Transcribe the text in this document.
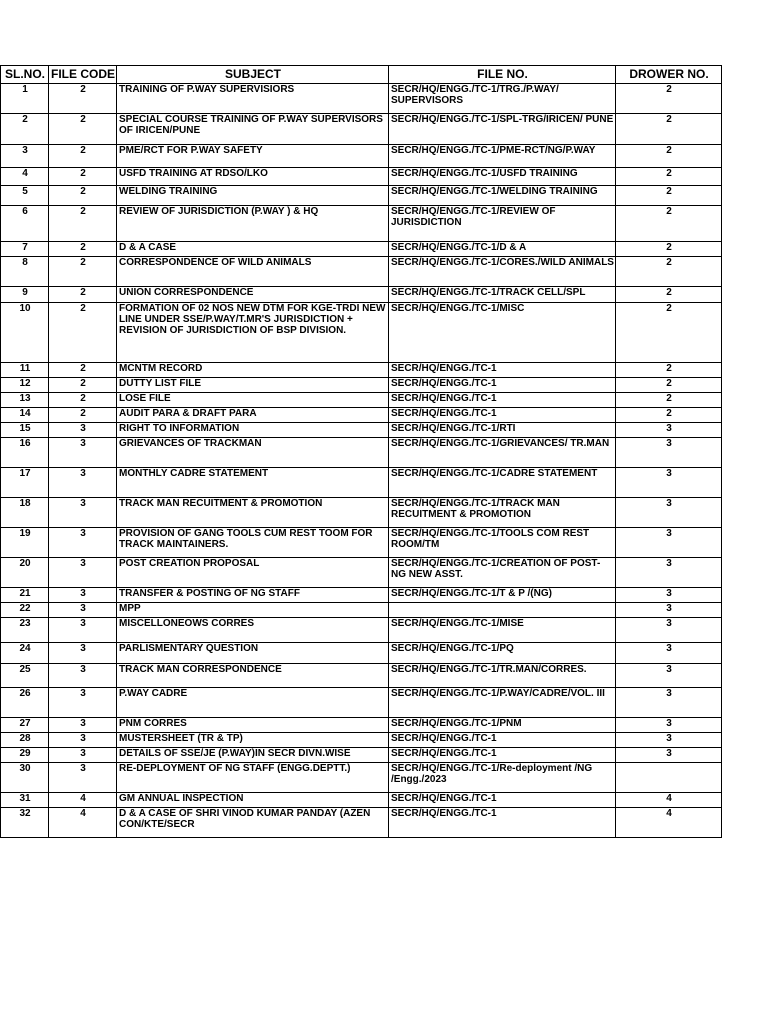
SL.NO.	FILE CODE	SUBJECT	FILE NO.	DROWER NO.
1	2	TRAINING OF P.WAY SUPERVISIORS	SECR/HQ/ENGG./TC-1/TRG./P.WAY/ SUPERVISORS	2
2	2	SPECIAL COURSE TRAINING OF P.WAY SUPERVISORS OF IRICEN/PUNE	SECR/HQ/ENGG./TC-1/SPL-TRG/IRICEN/ PUNE	2
3	2	PME/RCT FOR P.WAY SAFETY	SECR/HQ/ENGG./TC-1/PME-RCT/NG/P.WAY	2
4	2	USFD TRAINING AT RDSO/LKO	SECR/HQ/ENGG./TC-1/USFD TRAINING	2
5	2	WELDING TRAINING	SECR/HQ/ENGG./TC-1/WELDING TRAINING	2
6	2	REVIEW OF JURISDICTION (P.WAY ) & HQ	SECR/HQ/ENGG./TC-1/REVIEW OF JURISDICTION	2
7	2	D & A CASE	SECR/HQ/ENGG./TC-1/D & A	2
8	2	CORRESPONDENCE OF WILD ANIMALS	SECR/HQ/ENGG./TC-1/CORES./WILD ANIMALS	2
9	2	UNION CORRESPONDENCE	SECR/HQ/ENGG./TC-1/TRACK CELL/SPL	2
10	2	FORMATION OF 02 NOS NEW DTM FOR KGE-TRDI NEW LINE UNDER SSE/P.WAY/T.MR'S JURISDICTION + REVISION OF JURISDICTION OF BSP DIVISION.	SECR/HQ/ENGG./TC-1/MISC	2
11	2	MCNTM RECORD	SECR/HQ/ENGG./TC-1	2
12	2	DUTTY LIST FILE	SECR/HQ/ENGG./TC-1	2
13	2	LOSE FILE	SECR/HQ/ENGG./TC-1	2
14	2	AUDIT PARA & DRAFT PARA	SECR/HQ/ENGG./TC-1	2
15	3	RIGHT TO INFORMATION	SECR/HQ/ENGG./TC-1/RTI	3
16	3	GRIEVANCES OF TRACKMAN	SECR/HQ/ENGG./TC-1/GRIEVANCES/ TR.MAN	3
17	3	MONTHLY CADRE STATEMENT	SECR/HQ/ENGG./TC-1/CADRE STATEMENT	3
18	3	TRACK MAN RECUITMENT & PROMOTION	SECR/HQ/ENGG./TC-1/TRACK MAN RECUITMENT & PROMOTION	3
19	3	PROVISION OF GANG TOOLS CUM REST TOOM FOR TRACK MAINTAINERS.	SECR/HQ/ENGG./TC-1/TOOLS COM REST ROOM/TM	3
20	3	POST CREATION PROPOSAL	SECR/HQ/ENGG./TC-1/CREATION OF POST- NG NEW ASST.	3
21	3	TRANSFER & POSTING OF NG STAFF	SECR/HQ/ENGG./TC-1/T & P /(NG)	3
22	3	MPP		3
23	3	MISCELLONEOWS CORRES	SECR/HQ/ENGG./TC-1/MISE	3
24	3	PARLISMENTARY QUESTION	SECR/HQ/ENGG./TC-1/PQ	3
25	3	TRACK MAN CORRESPONDENCE	SECR/HQ/ENGG./TC-1/TR.MAN/CORRES.	3
26	3	P.WAY CADRE	SECR/HQ/ENGG./TC-1/P.WAY/CADRE/VOL. III	3
27	3	PNM CORRES	SECR/HQ/ENGG./TC-1/PNM	3
28	3	MUSTERSHEET (TR & TP)	SECR/HQ/ENGG./TC-1	3
29	3	DETAILS OF SSE/JE (P.WAY)IN SECR DIVN.WISE	SECR/HQ/ENGG./TC-1	3
30	3	RE-DEPLOYMENT OF NG STAFF (ENGG.DEPTT.)	SECR/HQ/ENGG./TC-1/Re-deployment /NG /Engg./2023	
31	4	GM ANNUAL INSPECTION	SECR/HQ/ENGG./TC-1	4
32	4	D & A CASE OF SHRI VINOD KUMAR PANDAY (AZEN CON/KTE/SECR	SECR/HQ/ENGG./TC-1	4
